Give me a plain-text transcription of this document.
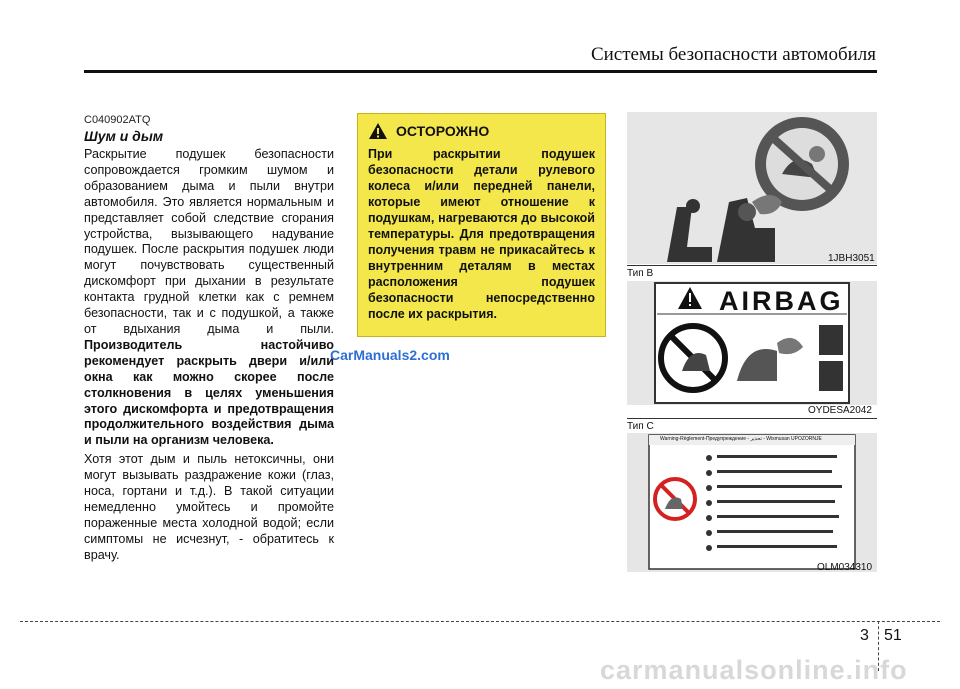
Системы безопасности автомобиля
C040902ATQ
Шум и дым

Раскрытие подушек безопасности сопровождается громким шумом и образованием дыма и пыли внутри автомобиля. Это является нормальным и представляет собой следствие сгорания устройства, вызывающего надувание подушек. После раскрытия подушек люди могут почувствовать существенный дискомфорт при дыхании в результате контакта грудной клетки как с ремнем безопасности, так и с подушкой, а также от вдыхания дыма и пыли. Производитель настойчиво рекомендует раскрыть двери и/или окна как можно скорее после столкновения в целях уменьшения этого дискомфорта и предотвращения продолжительного воздействия дыма и пыли на организм человека.

Хотя этот дым и пыль нетоксичны, они могут вызывать раздражение кожи (глаз, носа, гортани и т.д.). В такой ситуации немедленно умойтесь и промойте пораженные места холодной водой; если симптомы не исчезнут, - обратитесь к врачу.

ОСТОРОЖНО
При раскрытии подушек безопасности детали рулевого колеса и/или передней панели, которые имеют отношение к подушкам, нагреваются до высокой температуры. Для предотвращения получения травм не прикасайтесь к внутренним деталям в местах расположения подушек безопасности непосредственно после их раскрытия.
1JBH3051
Тип В
AIRBAG
OYDESA2042
Тип С
Warning-Règlement-Предупреждение - تحذير - Wismusan UPOZORNJE
OLM034310
CarManuals2.com
3 51
carmanualsonline.info
